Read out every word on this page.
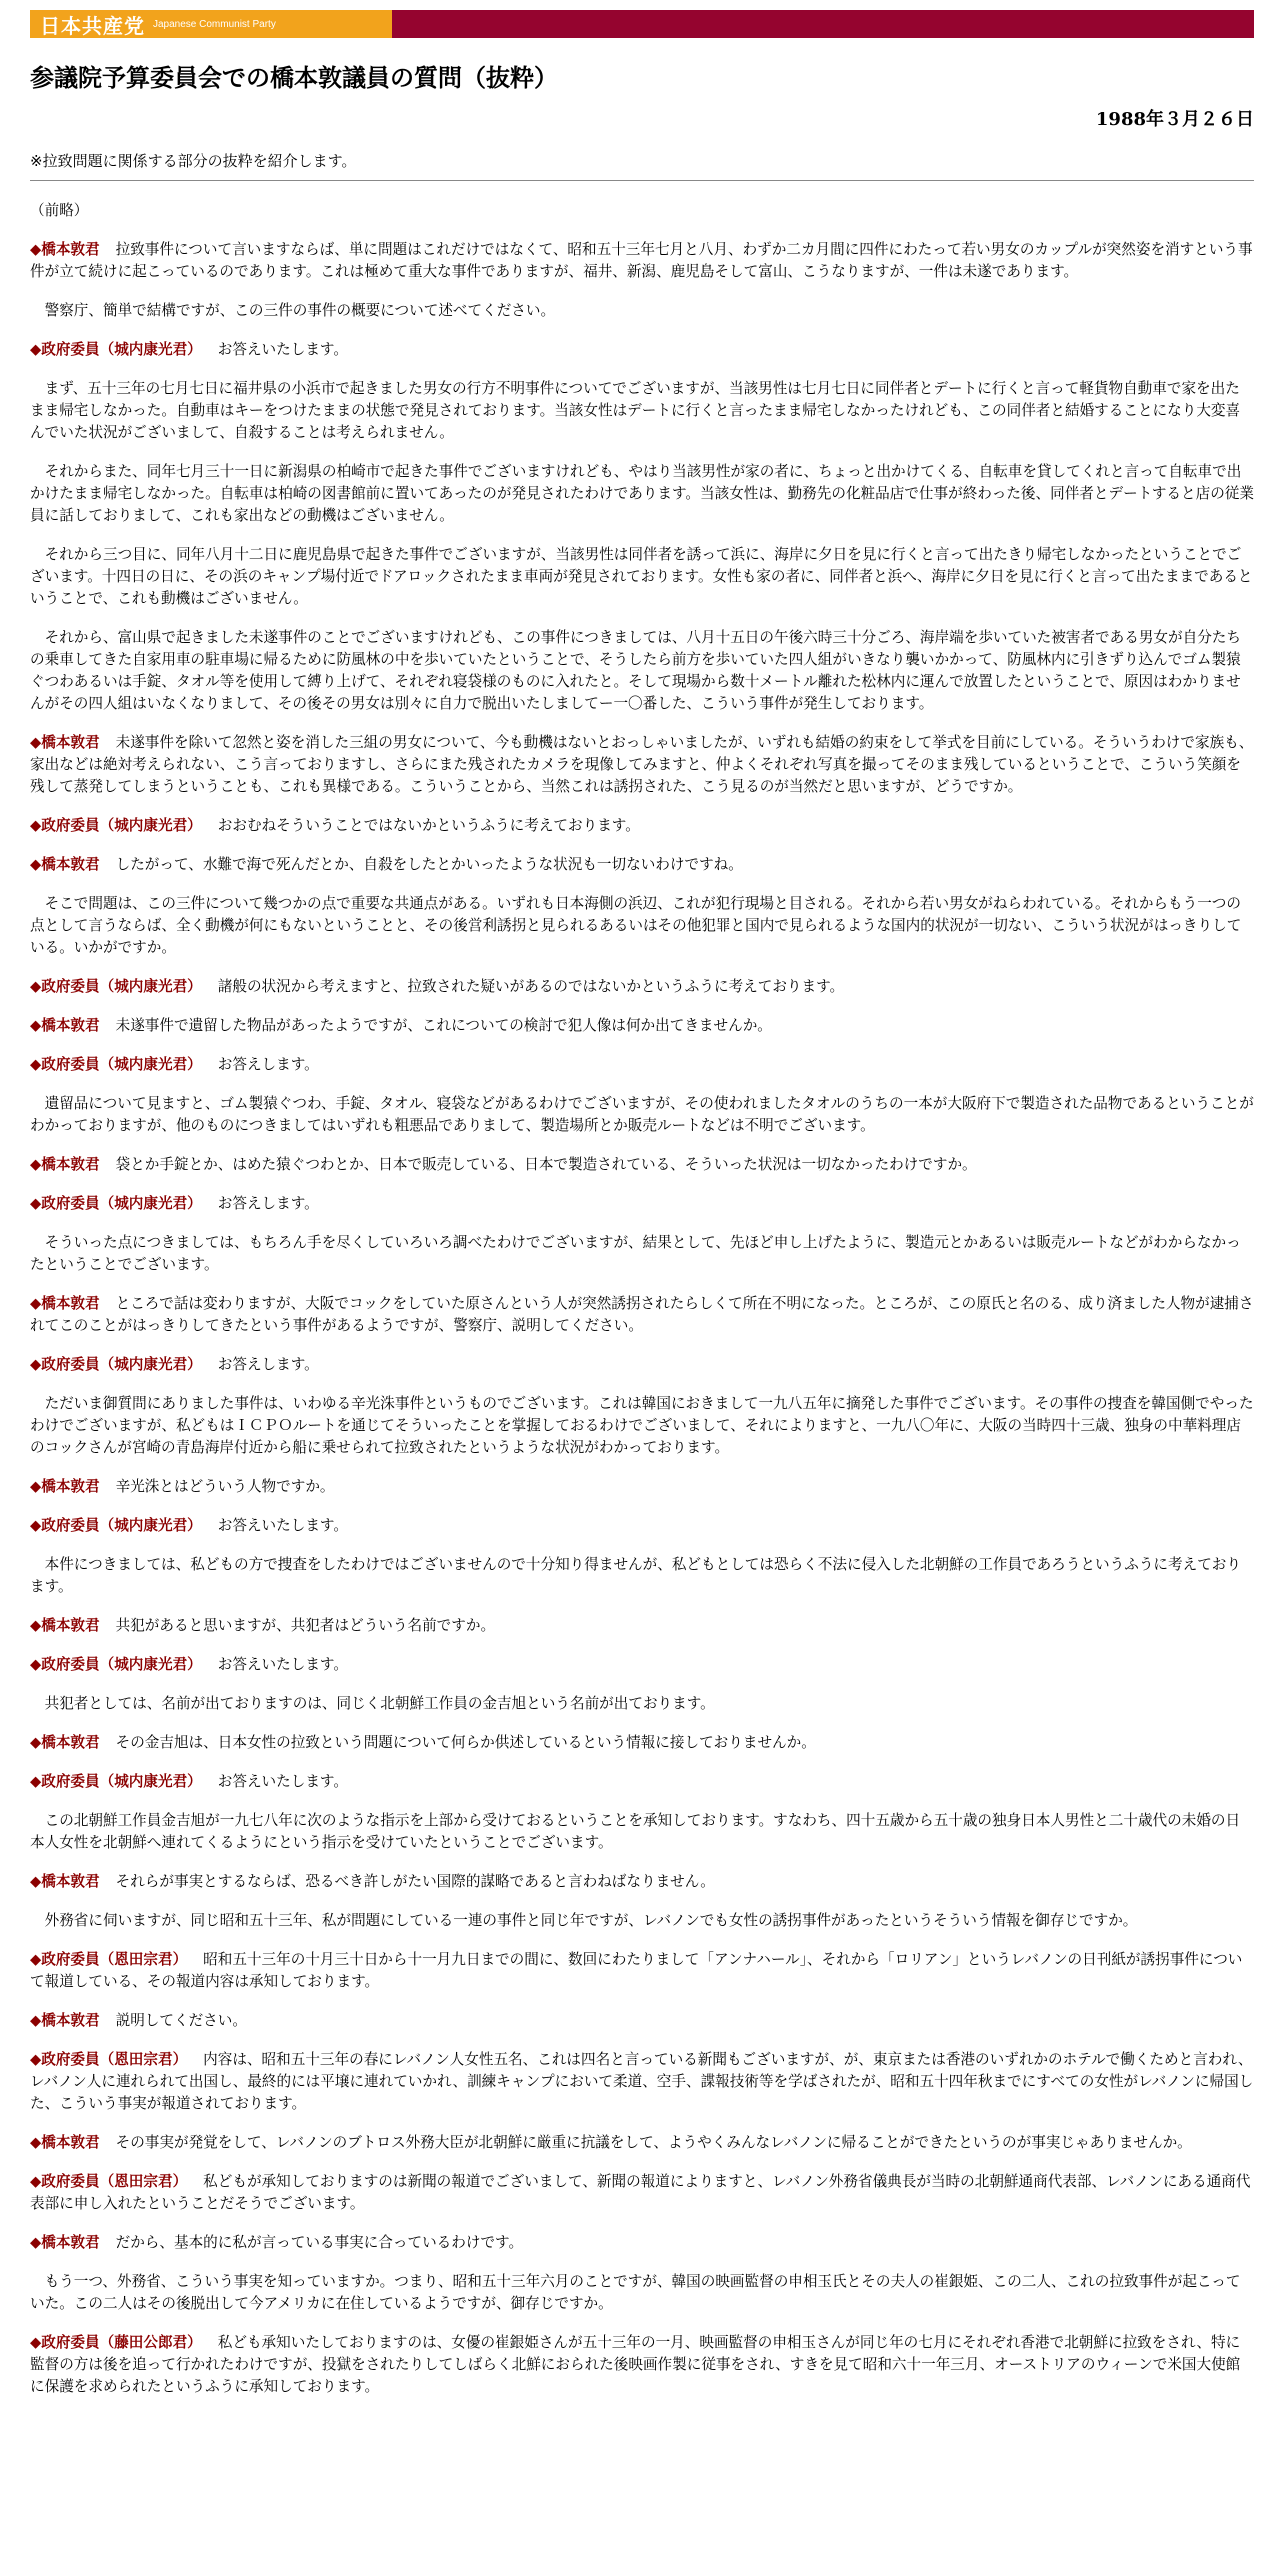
日本共産党 Japanese Communist Party
参議院予算委員会での橋本敦議員の質問（抜粋）
1988年３月２６日
※拉致問題に関係する部分の抜粋を紹介します。

（前略）

◆橋本敦君 拉致事件について言いますならば、単に問題はこれだけではなくて、昭和五十三年七月と八月、わずか二カ月間に四件にわたって若い男女のカップルが突然姿を消すという事件が立て続けに起こっているのであります。これは極めて重大な事件でありますが、福井、新潟、鹿児島そして富山、こうなりますが、一件は未遂であります。

　警察庁、簡単で結構ですが、この三件の事件の概要について述べてください。

◆政府委員（城内康光君） お答えいたします。

　まず、五十三年の七月七日に福井県の小浜市で起きました男女の行方不明事件についてでございますが、当該男性は七月七日に同伴者とデートに行くと言って軽貨物自動車で家を出たまま帰宅しなかった。自動車はキーをつけたままの状態で発見されております。当該女性はデートに行くと言ったまま帰宅しなかったけれども、この同伴者と結婚することになり大変喜んでいた状況がございまして、自殺することは考えられません。

　それからまた、同年七月三十一日に新潟県の柏崎市で起きた事件でございますけれども、やはり当該男性が家の者に、ちょっと出かけてくる、自転車を貸してくれと言って自転車で出かけたまま帰宅しなかった。自転車は柏崎の図書館前に置いてあったのが発見されたわけであります。当該女性は、勤務先の化粧品店で仕事が終わった後、同伴者とデートすると店の従業員に話しておりまして、これも家出などの動機はございません。

　それから三つ目に、同年八月十二日に鹿児島県で起きた事件でございますが、当該男性は同伴者を誘って浜に、海岸に夕日を見に行くと言って出たきり帰宅しなかったということでございます。十四日の日に、その浜のキャンプ場付近でドアロックされたまま車両が発見されております。女性も家の者に、同伴者と浜へ、海岸に夕日を見に行くと言って出たままであるということで、これも動機はございません。

　それから、富山県で起きました未遂事件のことでございますけれども、この事件につきましては、八月十五日の午後六時三十分ごろ、海岸端を歩いていた被害者である男女が自分たちの乗車してきた自家用車の駐車場に帰るために防風林の中を歩いていたということで、そうしたら前方を歩いていた四人組がいきなり襲いかかって、防風林内に引きずり込んでゴム製猿ぐつわあるいは手錠、タオル等を使用して縛り上げて、それぞれ寝袋様のものに入れたと。そして現場から数十メートル離れた松林内に運んで放置したということで、原因はわかりませんがその四人組はいなくなりまして、その後その男女は別々に自力で脱出いたしましてー一〇番した、こういう事件が発生しております。

◆橋本敦君 未遂事件を除いて忽然と姿を消した三組の男女について、今も動機はないとおっしゃいましたが、いずれも結婚の約束をして挙式を目前にしている。そういうわけで家族も、家出などは絶対考えられない、こう言っておりますし、さらにまた残されたカメラを現像してみますと、仲よくそれぞれ写真を撮ってそのまま残しているということで、こういう笑顔を残して蒸発してしまうということも、これも異様である。こういうことから、当然これは誘拐された、こう見るのが当然だと思いますが、どうですか。

◆政府委員（城内康光君） おおむねそういうことではないかというふうに考えております。

◆橋本敦君 したがって、水難で海で死んだとか、自殺をしたとかいったような状況も一切ないわけですね。

　そこで問題は、この三件について幾つかの点で重要な共通点がある。いずれも日本海側の浜辺、これが犯行現場と目される。それから若い男女がねらわれている。それからもう一つの点として言うならば、全く動機が何にもないということと、その後営利誘拐と見られるあるいはその他犯罪と国内で見られるような国内的状況が一切ない、こういう状況がはっきりしている。いかがですか。

◆政府委員（城内康光君） 諸般の状況から考えますと、拉致された疑いがあるのではないかというふうに考えております。

◆橋本敦君 未遂事件で遺留した物品があったようですが、これについての検討で犯人像は何か出てきませんか。

◆政府委員（城内康光君） お答えします。

　遺留品について見ますと、ゴム製猿ぐつわ、手錠、タオル、寝袋などがあるわけでございますが、その使われましたタオルのうちの一本が大阪府下で製造された品物であるということがわかっておりますが、他のものにつきましてはいずれも粗悪品でありまして、製造場所とか販売ルートなどは不明でございます。

◆橋本敦君 袋とか手錠とか、はめた猿ぐつわとか、日本で販売している、日本で製造されている、そういった状況は一切なかったわけですか。

◆政府委員（城内康光君） お答えします。

　そういった点につきましては、もちろん手を尽くしていろいろ調べたわけでございますが、結果として、先ほど申し上げたように、製造元とかあるいは販売ルートなどがわからなかったということでございます。

◆橋本敦君 ところで話は変わりますが、大阪でコックをしていた原さんという人が突然誘拐されたらしくて所在不明になった。ところが、この原氏と名のる、成り済ました人物が逮捕されてこのことがはっきりしてきたという事件があるようですが、警察庁、説明してください。

◆政府委員（城内康光君） お答えします。

　ただいま御質問にありました事件は、いわゆる辛光洙事件というものでございます。これは韓国におきまして一九八五年に摘発した事件でございます。その事件の捜査を韓国側でやったわけでございますが、私どもはＩＣＰＯルートを通じてそういったことを掌握しておるわけでございまして、それによりますと、一九八〇年に、大阪の当時四十三歳、独身の中華料理店のコックさんが宮崎の青島海岸付近から船に乗せられて拉致されたというような状況がわかっております。

◆橋本敦君 辛光洙とはどういう人物ですか。

◆政府委員（城内康光君） お答えいたします。

　本件につきましては、私どもの方で捜査をしたわけではございませんので十分知り得ませんが、私どもとしては恐らく不法に侵入した北朝鮮の工作員であろうというふうに考えております。

◆橋本敦君 共犯があると思いますが、共犯者はどういう名前ですか。

◆政府委員（城内康光君） お答えいたします。

　共犯者としては、名前が出ておりますのは、同じく北朝鮮工作員の金吉旭という名前が出ております。

◆橋本敦君 その金吉旭は、日本女性の拉致という問題について何らか供述しているという情報に接しておりませんか。

◆政府委員（城内康光君） お答えいたします。

　この北朝鮮工作員金吉旭が一九七八年に次のような指示を上部から受けておるということを承知しております。すなわち、四十五歳から五十歳の独身日本人男性と二十歳代の未婚の日本人女性を北朝鮮へ連れてくるようにという指示を受けていたということでございます。

◆橋本敦君 それらが事実とするならば、恐るべき許しがたい国際的謀略であると言わねばなりません。

　外務省に伺いますが、同じ昭和五十三年、私が問題にしている一連の事件と同じ年ですが、レバノンでも女性の誘拐事件があったというそういう情報を御存じですか。

◆政府委員（恩田宗君） 昭和五十三年の十月三十日から十一月九日までの間に、数回にわたりまして「アンナハール」、それから「ロリアン」というレバノンの日刊紙が誘拐事件について報道している、その報道内容は承知しております。

◆橋本敦君 説明してください。

◆政府委員（恩田宗君） 内容は、昭和五十三年の春にレバノン人女性五名、これは四名と言っている新聞もございますが、が、東京または香港のいずれかのホテルで働くためと言われ、レバノン人に連れられて出国し、最終的には平壌に連れていかれ、訓練キャンプにおいて柔道、空手、諜報技術等を学ばされたが、昭和五十四年秋までにすべての女性がレバノンに帰国した、こういう事実が報道されております。

◆橋本敦君 その事実が発覚をして、レバノンのブトロス外務大臣が北朝鮮に厳重に抗議をして、ようやくみんなレバノンに帰ることができたというのが事実じゃありませんか。

◆政府委員（恩田宗君） 私どもが承知しておりますのは新聞の報道でございまして、新聞の報道によりますと、レバノン外務省儀典長が当時の北朝鮮通商代表部、レバノンにある通商代表部に申し入れたということだそうでございます。

◆橋本敦君 だから、基本的に私が言っている事実に合っているわけです。

　もう一つ、外務省、こういう事実を知っていますか。つまり、昭和五十三年六月のことですが、韓国の映画監督の申相玉氏とその夫人の崔銀姫、この二人、これの拉致事件が起こっていた。この二人はその後脱出して今アメリカに在住しているようですが、御存じですか。

◆政府委員（藤田公郎君） 私ども承知いたしておりますのは、女優の崔銀姫さんが五十三年の一月、映画監督の申相玉さんが同じ年の七月にそれぞれ香港で北朝鮮に拉致をされ、特に監督の方は後を追って行かれたわけですが、投獄をされたりしてしばらく北鮮におられた後映画作製に従事をされ、すきを見て昭和六十一年三月、オーストリアのウィーンで米国大使館に保護を求められたというふうに承知しております。
